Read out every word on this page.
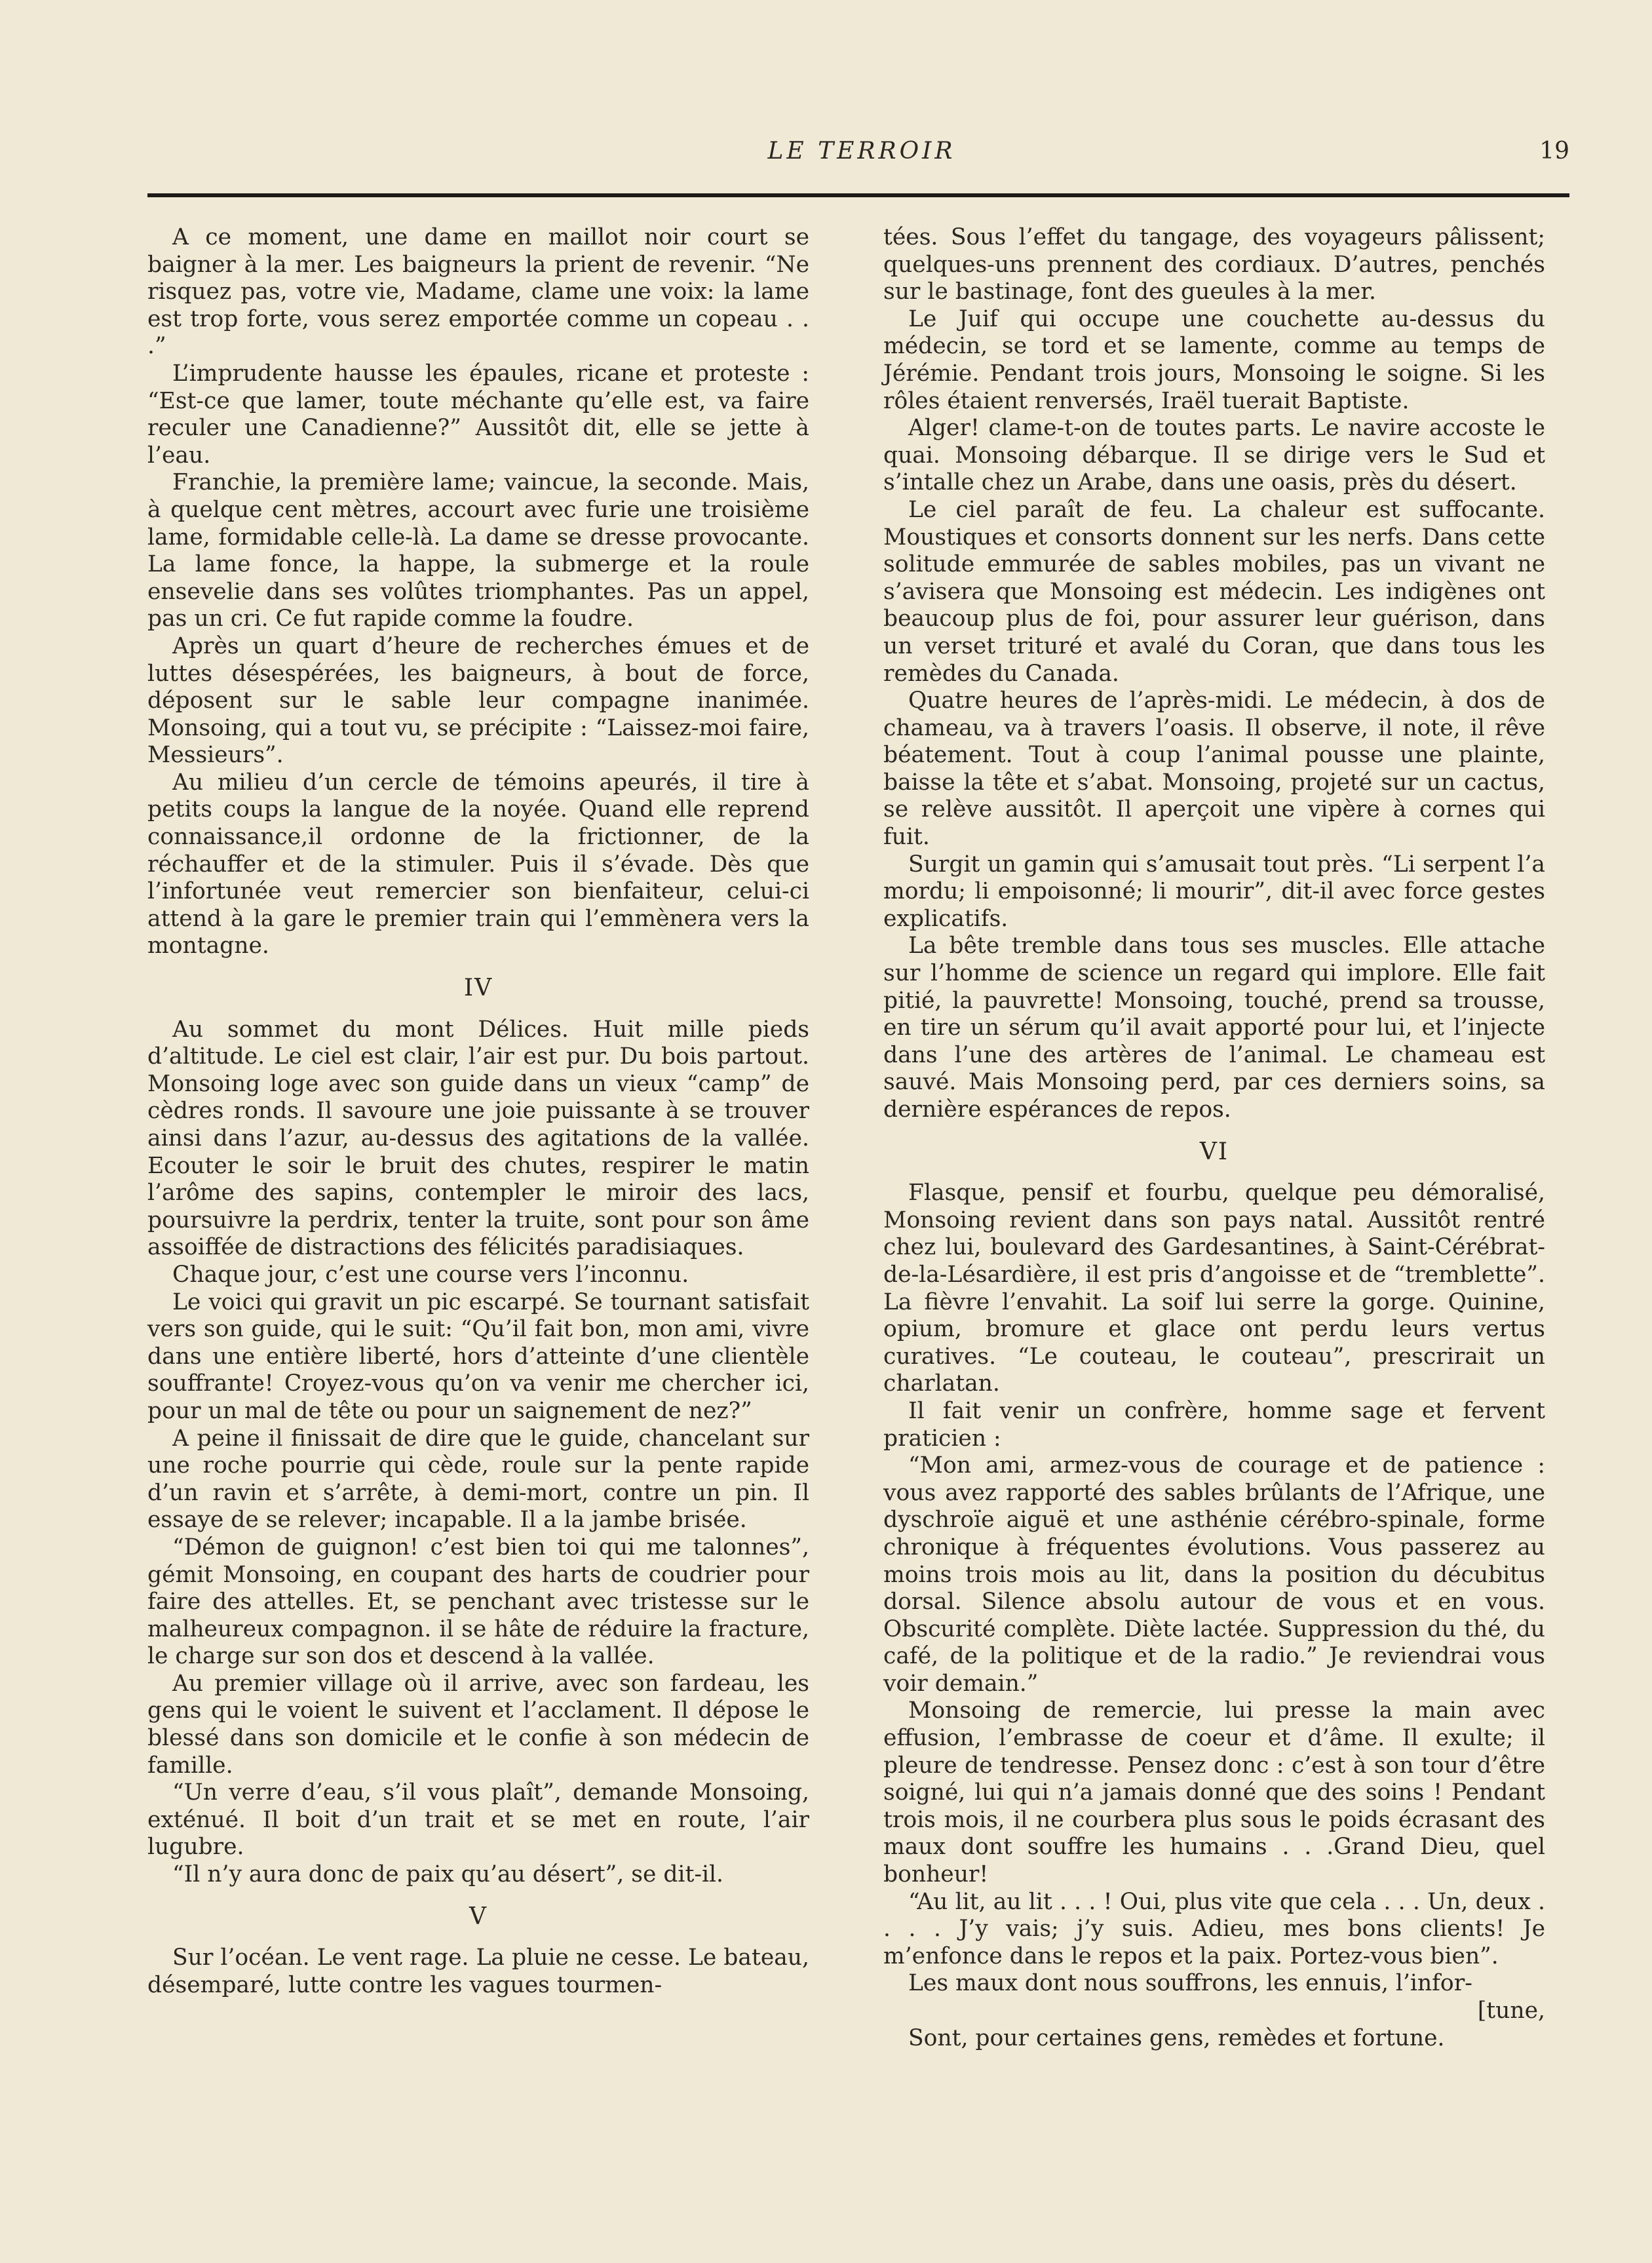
LE TERROIR	19

A ce moment, une dame en maillot noir court se baigner à la mer. Les baigneurs la prient de revenir. “Ne risquez pas, votre vie, Madame, clame une voix: la lame est trop forte, vous serez emportée comme un copeau . . .”

L’imprudente hausse les épaules, ricane et proteste : “Est-ce que lamer, toute méchante qu’elle est, va faire reculer une Canadienne?” Aussitôt dit, elle se jette à l’eau.

Franchie, la première lame; vaincue, la seconde. Mais, à quelque cent mètres, accourt avec furie une troisième lame, formidable celle-là. La dame se dresse provocante. La lame fonce, la happe, la submerge et la roule ensevelie dans ses volûtes triomphantes. Pas un appel, pas un cri. Ce fut rapide comme la foudre.

Après un quart d’heure de recherches émues et de luttes désespérées, les baigneurs, à bout de force, déposent sur le sable leur compagne inanimée. Monsoing, qui a tout vu, se précipite : “Laissez-moi faire, Messieurs”.

Au milieu d’un cercle de témoins apeurés, il tire à petits coups la langue de la noyée. Quand elle reprend connaissance,il ordonne de la frictionner, de la réchauffer et de la stimuler. Puis il s’évade. Dès que l’infortunée veut remercier son bienfaiteur, celui-ci attend à la gare le premier train qui l’emmènera vers la montagne.

IV

Au sommet du mont Délices. Huit mille pieds d’altitude. Le ciel est clair, l’air est pur. Du bois partout. Monsoing loge avec son guide dans un vieux “camp” de cèdres ronds. Il savoure une joie puissante à se trouver ainsi dans l’azur, au-dessus des agitations de la vallée. Ecouter le soir le bruit des chutes, respirer le matin l’arôme des sapins, contempler le miroir des lacs, poursuivre la perdrix, tenter la truite, sont pour son âme assoiffée de distractions des félicités paradisiaques.

Chaque jour, c’est une course vers l’inconnu.

Le voici qui gravit un pic escarpé. Se tournant satisfait vers son guide, qui le suit: “Qu’il fait bon, mon ami, vivre dans une entière liberté, hors d’atteinte d’une clientèle souffrante! Croyez-vous qu’on va venir me chercher ici, pour un mal de tête ou pour un saignement de nez?”

A peine il finissait de dire que le guide, chancelant sur une roche pourrie qui cède, roule sur la pente rapide d’un ravin et s’arrête, à demi-mort, contre un pin. Il essaye de se relever; incapable. Il a la jambe brisée.

“Démon de guignon! c’est bien toi qui me talonnes”, gémit Monsoing, en coupant des harts de coudrier pour faire des attelles. Et, se penchant avec tristesse sur le malheureux compagnon. il se hâte de réduire la fracture, le charge sur son dos et descend à la vallée.

Au premier village où il arrive, avec son fardeau, les gens qui le voient le suivent et l’acclament. Il dépose le blessé dans son domicile et le confie à son médecin de famille.

“Un verre d’eau, s’il vous plaît”, demande Monsoing, exténué. Il boit d’un trait et se met en route, l’air lugubre.

“Il n’y aura donc de paix qu’au désert”, se dit-il.

V

Sur l’océan. Le vent rage. La pluie ne cesse. Le bateau, désemparé, lutte contre les vagues tourmen-

tées. Sous l’effet du tangage, des voyageurs pâlissent; quelques-uns prennent des cordiaux. D’autres, penchés sur le bastinage, font des gueules à la mer.

Le Juif qui occupe une couchette au-dessus du médecin, se tord et se lamente, comme au temps de Jérémie. Pendant trois jours, Monsoing le soigne. Si les rôles étaient renversés, Iraël tuerait Baptiste.

Alger! clame-t-on de toutes parts. Le navire accoste le quai. Monsoing débarque. Il se dirige vers le Sud et s’intalle chez un Arabe, dans une oasis, près du désert.

Le ciel paraît de feu. La chaleur est suffocante. Moustiques et consorts donnent sur les nerfs. Dans cette solitude emmurée de sables mobiles, pas un vivant ne s’avisera que Monsoing est médecin. Les indigènes ont beaucoup plus de foi, pour assurer leur guérison, dans un verset trituré et avalé du Coran, que dans tous les remèdes du Canada.

Quatre heures de l’après-midi. Le médecin, à dos de chameau, va à travers l’oasis. Il observe, il note, il rêve béatement. Tout à coup l’animal pousse une plainte, baisse la tête et s’abat. Monsoing, projeté sur un cactus, se relève aussitôt. Il aperçoit une vipère à cornes qui fuit.

Surgit un gamin qui s’amusait tout près. “Li serpent l’a mordu; li empoisonné; li mourir”, dit-il avec force gestes explicatifs.

La bête tremble dans tous ses muscles. Elle attache sur l’homme de science un regard qui implore. Elle fait pitié, la pauvrette! Monsoing, touché, prend sa trousse, en tire un sérum qu’il avait apporté pour lui, et l’injecte dans l’une des artères de l’animal. Le chameau est sauvé. Mais Monsoing perd, par ces derniers soins, sa dernière espérances de repos.

VI

Flasque, pensif et fourbu, quelque peu démoralisé, Monsoing revient dans son pays natal. Aussitôt rentré chez lui, boulevard des Gardesantines, à Saint-Cérébrat-de-la-Lésardière, il est pris d’angoisse et de “tremblette”. La fièvre l’envahit. La soif lui serre la gorge. Quinine, opium, bromure et glace ont perdu leurs vertus curatives. “Le couteau, le couteau”, prescrirait un charlatan.

Il fait venir un confrère, homme sage et fervent praticien :

“Mon ami, armez-vous de courage et de patience : vous avez rapporté des sables brûlants de l’Afrique, une dyschroïe aiguë et une asthénie cérébro-spinale, forme chronique à fréquentes évolutions. Vous passerez au moins trois mois au lit, dans la position du décubitus dorsal. Silence absolu autour de vous et en vous. Obscurité complète. Diète lactée. Suppression du thé, du café, de la politique et de la radio.” Je reviendrai vous voir demain.”

Monsoing de remercie, lui presse la main avec effusion, l’embrasse de coeur et d’âme. Il exulte; il pleure de tendresse. Pensez donc : c’est à son tour d’être soigné, lui qui n’a jamais donné que des soins ! Pendant trois mois, il ne courbera plus sous le poids écrasant des maux dont souffre les humains . . .Grand Dieu, quel bonheur!

“Au lit, au lit . . . ! Oui, plus vite que cela . . . Un, deux . . . . J’y vais; j’y suis. Adieu, mes bons clients! Je m’enfonce dans le repos et la paix. Portez-vous bien”.

Les maux dont nous souffrons, les ennuis, l’infor-

[tune,

Sont, pour certaines gens, remèdes et fortune.
